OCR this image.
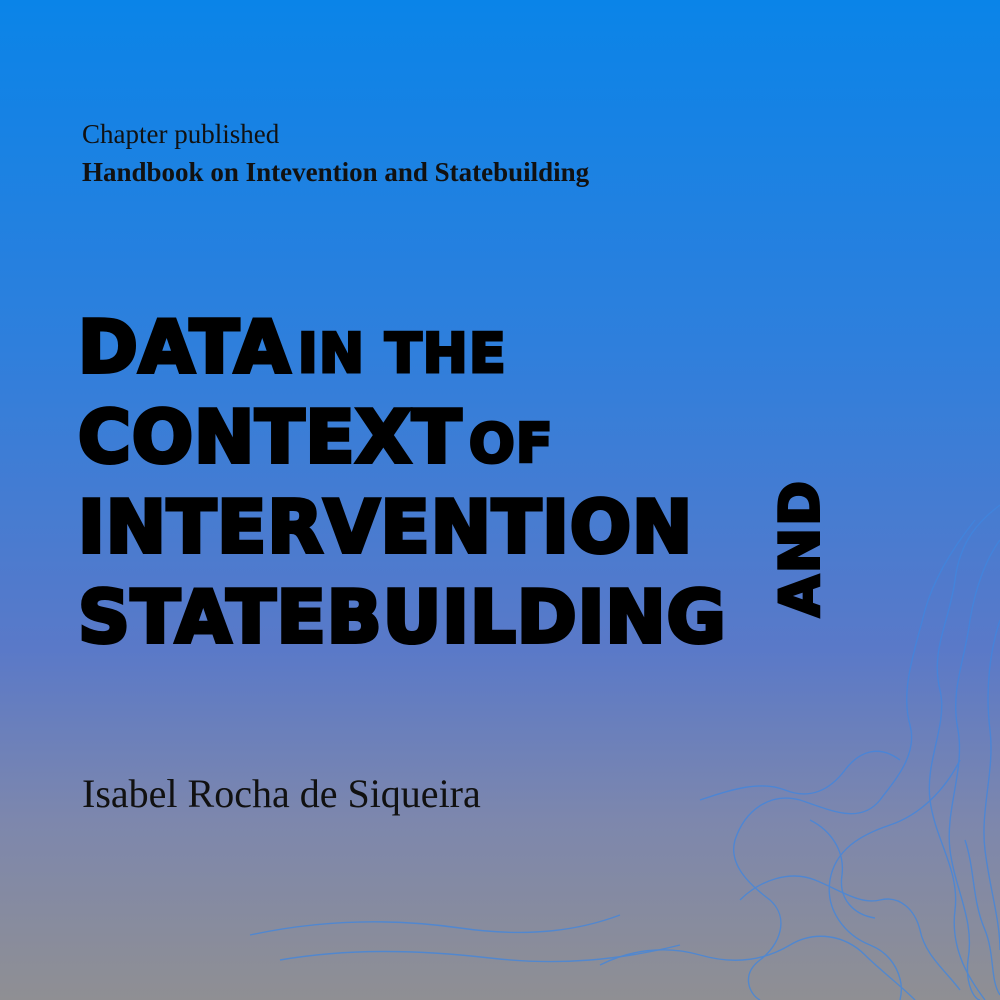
Chapter published
Handbook on Intevention and Statebuilding
DATA IN THE
CONTEXT OF
INTERVENTION
STATEBUILDING
AND
Isabel Rocha de Siqueira
